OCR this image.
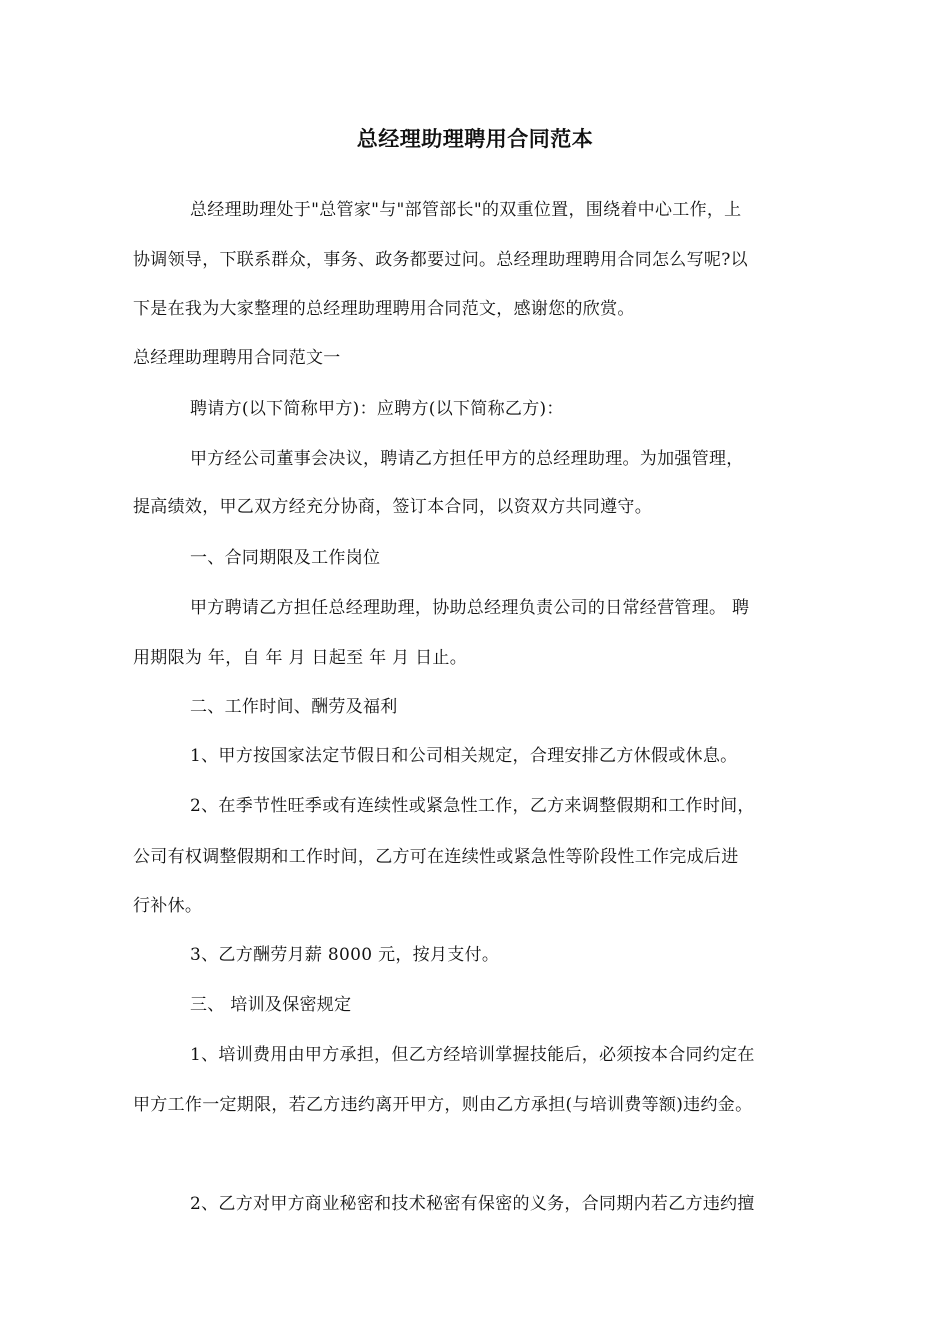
总经理助理聘用合同范本
总经理助理处于"总管家"与"部管部长"的双重位置，围绕着中心工作，上
协调领导，下联系群众，事务、政务都要过问。总经理助理聘用合同怎么写呢?以
下是在我为大家整理的总经理助理聘用合同范文，感谢您的欣赏。
总经理助理聘用合同范文一
聘请方(以下简称甲方)：应聘方(以下简称乙方)：
甲方经公司董事会决议，聘请乙方担任甲方的总经理助理。为加强管理，
提高绩效，甲乙双方经充分协商，签订本合同，以资双方共同遵守。
一、合同期限及工作岗位
甲方聘请乙方担任总经理助理，协助总经理负责公司的日常经营管理。 聘
用期限为 年，自 年 月 日起至 年 月 日止。
二、工作时间、酬劳及福利
1、甲方按国家法定节假日和公司相关规定，合理安排乙方休假或休息。
2、在季节性旺季或有连续性或紧急性工作，乙方来调整假期和工作时间，
公司有权调整假期和工作时间，乙方可在连续性或紧急性等阶段性工作完成后进
行补休。
3、乙方酬劳月薪 8000 元，按月支付。
三、 培训及保密规定
1、培训费用由甲方承担，但乙方经培训掌握技能后，必须按本合同约定在
甲方工作一定期限，若乙方违约离开甲方，则由乙方承担(与培训费等额)违约金。
2、乙方对甲方商业秘密和技术秘密有保密的义务，合同期内若乙方违约擅
